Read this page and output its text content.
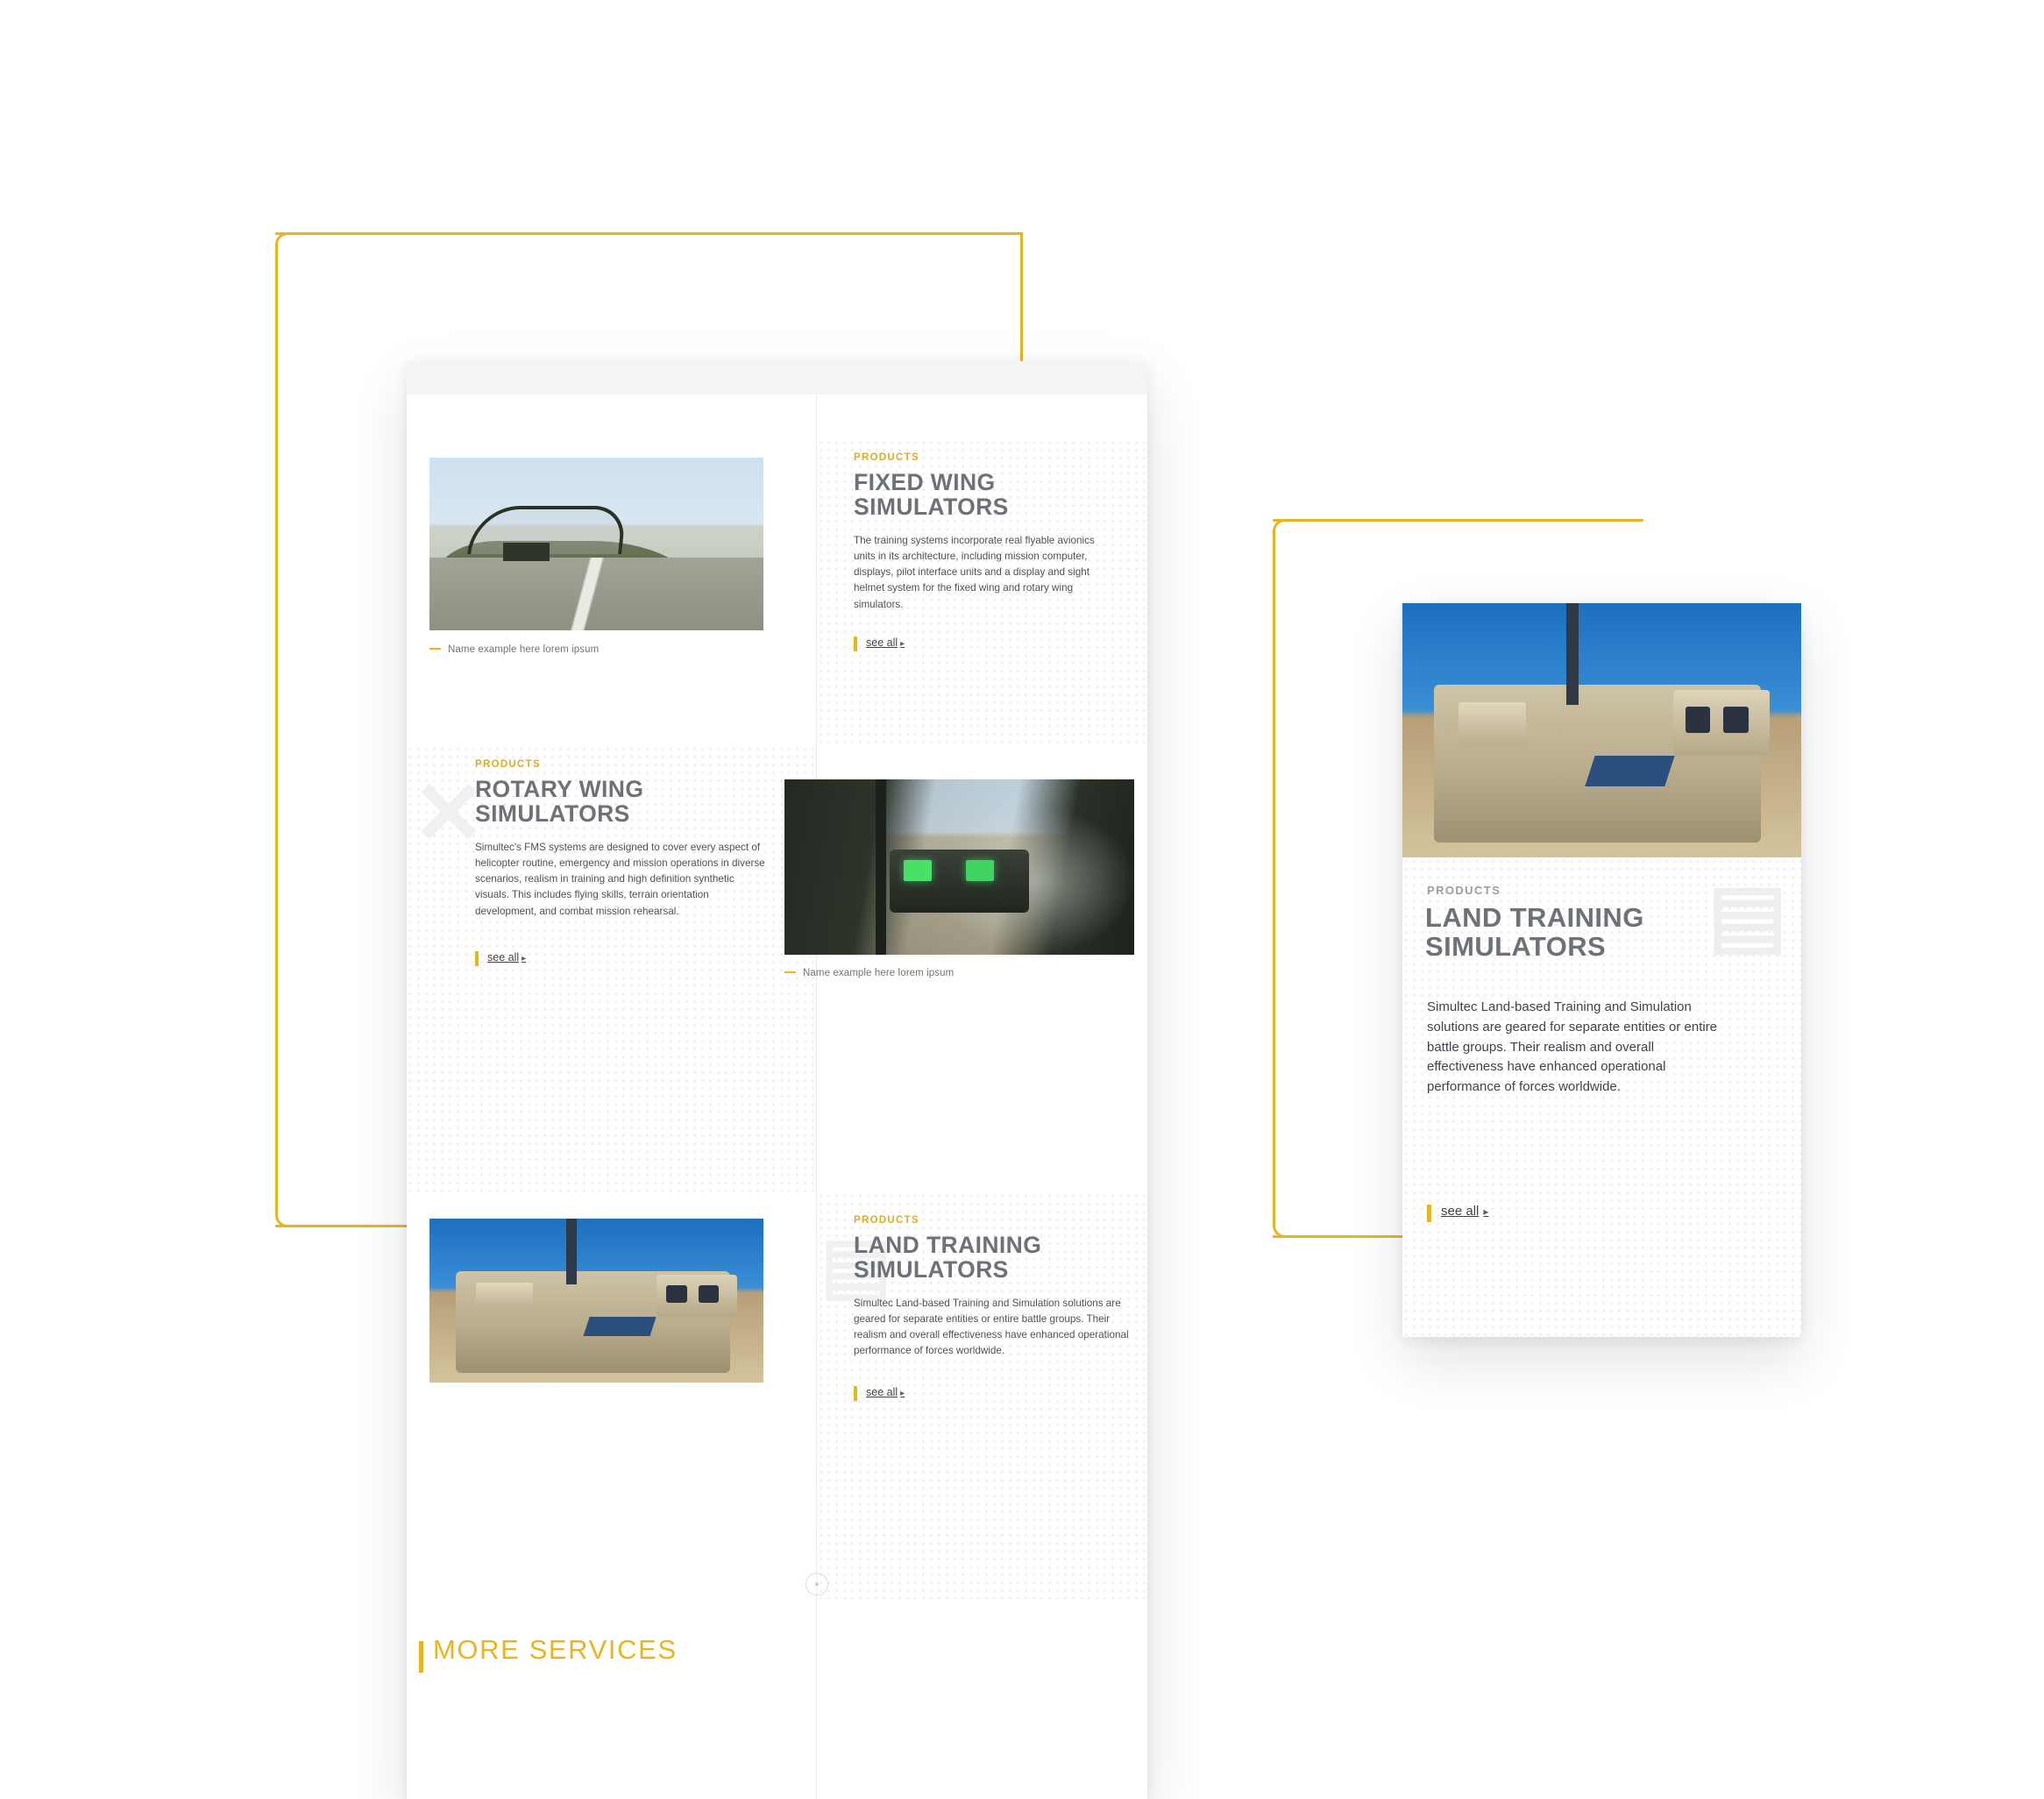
Name example here lorem ipsum
PRODUCTS
FIXED WING SIMULATORS
The training systems incorporate real flyable avionics units in its architecture, including mission computer, displays, pilot interface units and a display and sight helmet system for the fixed wing and rotary wing simulators.
see all ▸
✕
PRODUCTS
ROTARY WING SIMULATORS
Simultec's FMS systems are designed to cover every aspect of helicopter routine, emergency and mission operations in diverse scenarios, realism in training and high definition synthetic visuals. This includes flying skills, terrain orientation development, and combat mission rehearsal.
see all ▸
Name example here lorem ipsum
▤
PRODUCTS
LAND TRAINING SIMULATORS
Simultec Land-based Training and Simulation solutions are geared for separate entities or entire battle groups. Their realism and overall effectiveness have enhanced operational performance of forces worldwide.
see all ▸
MORE SERVICES
▤
PRODUCTS
LAND TRAINING SIMULATORS
Simultec Land-based Training and Simulation solutions are geared for separate entities or entire battle groups. Their realism and overall effectiveness have enhanced operational performance of forces worldwide.
see all ▸
